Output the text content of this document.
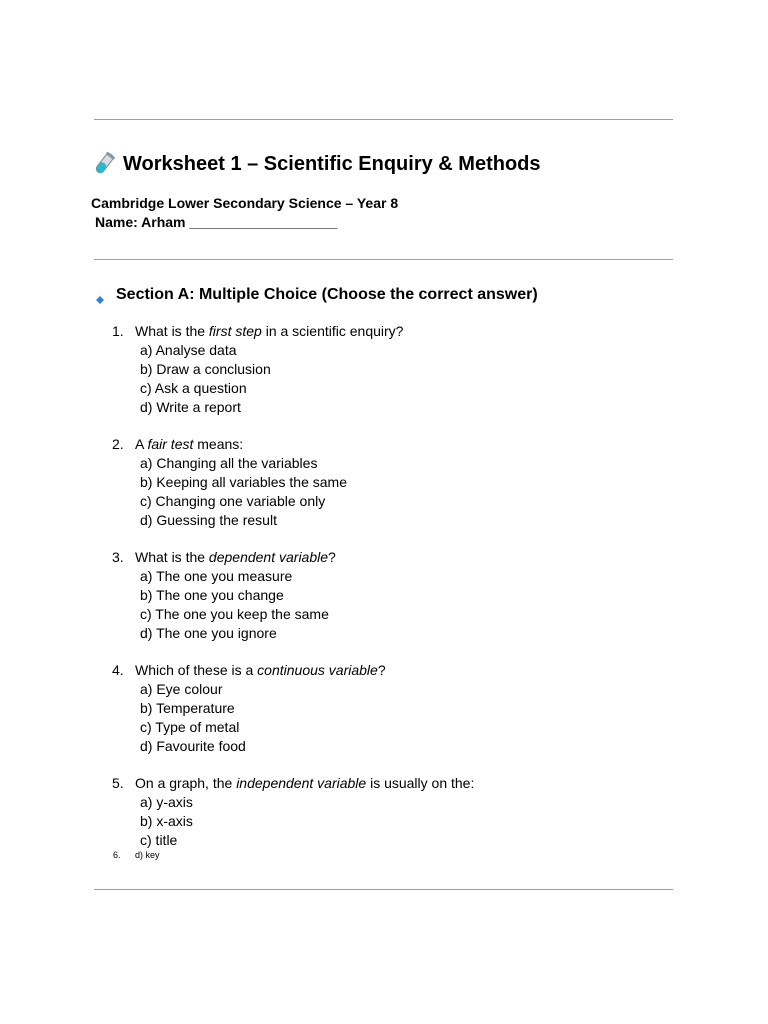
Worksheet 1 – Scientific Enquiry & Methods
Cambridge Lower Secondary Science – Year 8
Name: Arham ___________________
Section A: Multiple Choice (Choose the correct answer)
1. What is the first step in a scientific enquiry?
a) Analyse data
b) Draw a conclusion
c) Ask a question
d) Write a report
2. A fair test means:
a) Changing all the variables
b) Keeping all variables the same
c) Changing one variable only
d) Guessing the result
3. What is the dependent variable?
a) The one you measure
b) The one you change
c) The one you keep the same
d) The one you ignore
4. Which of these is a continuous variable?
a) Eye colour
b) Temperature
c) Type of metal
d) Favourite food
5. On a graph, the independent variable is usually on the:
a) y-axis
b) x-axis
c) title
6.	d) key
